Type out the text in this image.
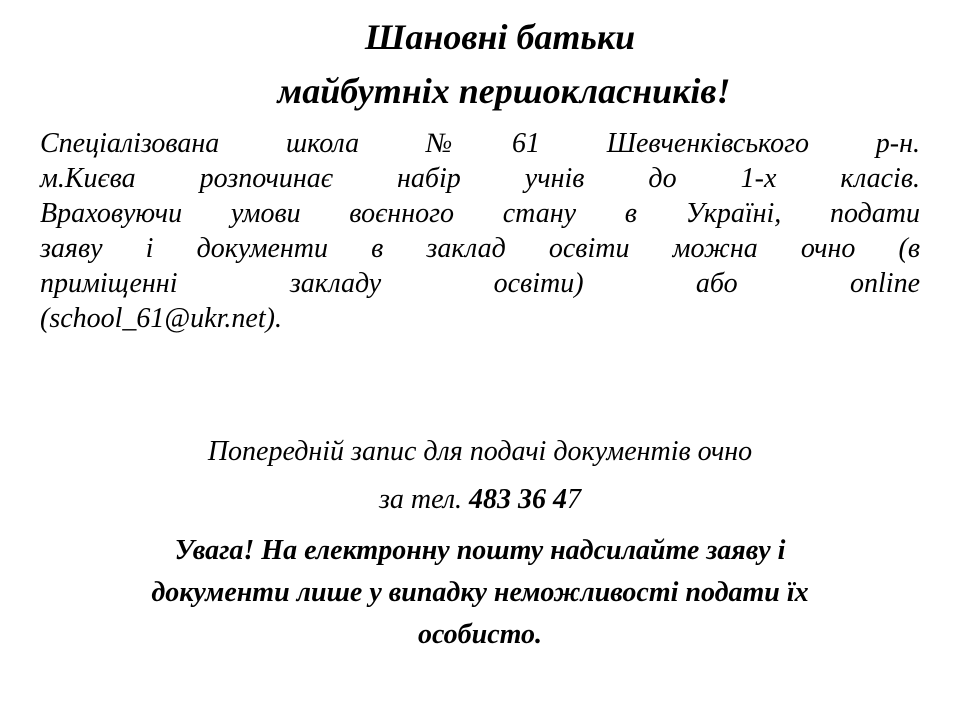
Шановні батьки
майбутніх першокласників!
Спеціалізована школа №61 Шевченківського р-н.
м.Києва розпочинає набір учнів до 1-х класів.
Враховуючи умови воєнного стану в Україні, подати
заяву і документи в заклад освіти можна очно (в
приміщенні закладу освіти) або online
(school_61@ukr.net).
Попередній запис для подачі документів очно
за тел. 483 36 47
Увага! На електронну пошту надсилайте заяву і
документи лише у випадку неможливості подати їх
особисто.
